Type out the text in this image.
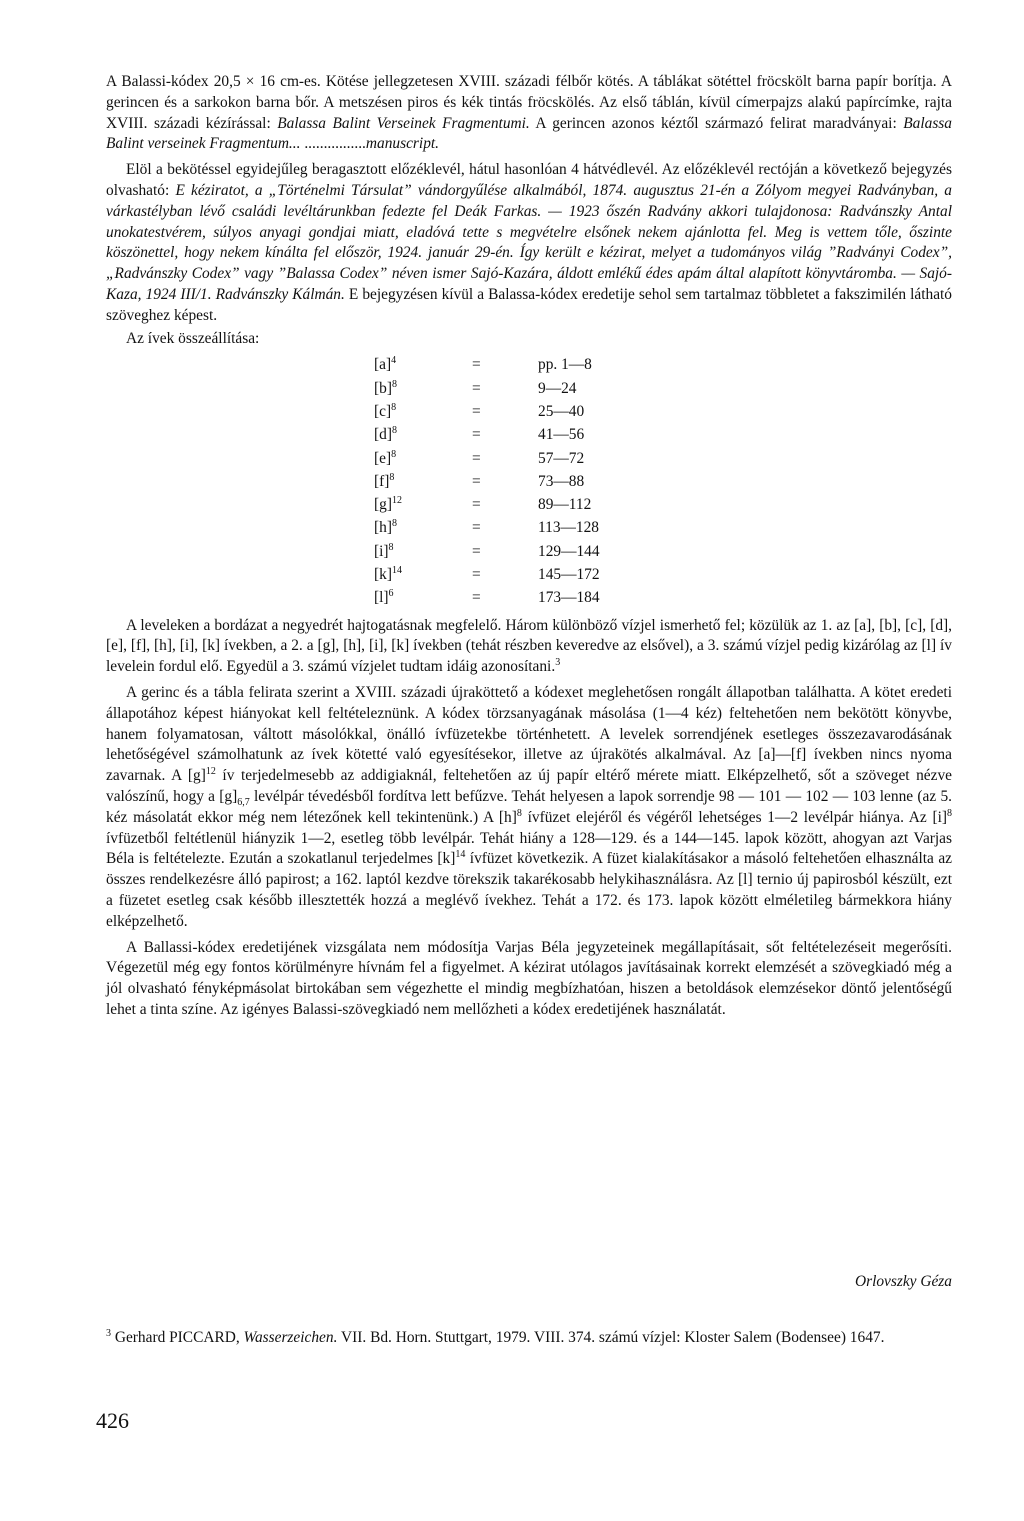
A Balassi-kódex 20,5 × 16 cm-es. Kötése jellegzetesen XVIII. századi félbőr kötés. A táblákat sötéttel fröcskölt barna papír borítja. A gerincen és a sarkokon barna bőr. A metszésen piros és kék tintás fröcskölés. Az első táblán, kívül címerpajzs alakú papírcímke, rajta XVIII. századi kézírással: Balassa Balint Verseinek Fragmentumi. A gerincen azonos kéztől származó felirat maradványai: Balassa Balint verseinek Fragmentum... ................manuscript.

Elöl a bekötéssel egyidejűleg beragasztott előzéklevél, hátul hasonlóan 4 hátvédlevél. Az előzéklevél rectóján a következő bejegyzés olvasható: E kéziratot, a „Történelmi Társulat” vándorgyűlése alkalmából, 1874. augusztus 21-én a Zólyom megyei Radványban, a várkastélyban lévő családi levéltárunkban fedezte fel Deák Farkas. — 1923 őszén Radvány akkori tulajdonosa: Radvánszky Antal unokatestvérem, súlyos anyagi gondjai miatt, eladóvá tette s megvételre elsőnek nekem ajánlotta fel. Meg is vettem tőle, őszinte köszönettel, hogy nekem kínálta fel először, 1924. január 29-én. Így került e kézirat, melyet a tudományos világ ”Radványi Codex”, „Radvánszky Codex” vagy ”Balassa Codex” néven ismer Sajó-Kazára, áldott emlékű édes apám által alapított könyvtáromba. — Sajó-Kaza, 1924 III/1. Radvánszky Kálmán. E bejegyzésen kívül a Balassa-kódex eredetije sehol sem tartalmaz többletet a fakszimilén látható szöveghez képest.

Az ívek összeállítása:

$[a]^4$	=	pp. 1—8
$[b]^8$	=	9—24
$[c]^8$	=	25—40
$[d]^8$	=	41—56
$[e]^8$	=	57—72
$[f]^8$	=	73—88
$[g]^{12}$	=	89—112
$[h]^8$	=	113—128
$[i]^8$	=	129—144
$[k]^{14}$	=	145—172
$[l]^6$	=	173—184

A leveleken a bordázat a negyedrét hajtogatásnak megfelelő. Három különböző vízjel ismerhető fel; közülük az 1. az [a], [b], [c], [d], [e], [f], [h], [i], [k] ívekben, a 2. a [g], [h], [i], [k] ívekben (tehát részben keveredve az elsővel), a 3. számú vízjel pedig kizárólag az [l] ív levelein fordul elő. Egyedül a 3. számú vízjelet tudtam idáig azonosítani.$^3$

A gerinc és a tábla felirata szerint a XVIII. századi újraköttető a kódexet meglehetősen rongált állapotban találhatta. A kötet eredeti állapotához képest hiányokat kell feltételeznünk. A kódex törzsanyagának másolása (1—4 kéz) feltehetően nem bekötött könyvbe, hanem folyamatosan, váltott másolókkal, önálló ívfüzetekbe történhetett. A levelek sorrendjének esetleges összezavarodásának lehetőségével számolhatunk az ívek kötetté való egyesítésekor, illetve az újrakötés alkalmával. Az [a]—[f] ívekben nincs nyoma zavarnak. A $[g]^{12}$ ív terjedelmesebb az addigiaknál, feltehetően az új papír eltérő mérete miatt. Elképzelhető, sőt a szöveget nézve valószínű, hogy a $[g]_{6,7}$ levélpár tévedésből fordítva lett befűzve. Tehát helyesen a lapok sorrendje 98 — 101 — 102 — 103 lenne (az 5. kéz másolatát ekkor még nem létezőnek kell tekintenünk.) A $[h]^8$ ívfüzet elejéről és végéről lehetséges 1—2 levélpár hiánya. Az $[i]^8$ ívfüzetből feltétlenül hiányzik 1—2, esetleg több levélpár. Tehát hiány a 128—129. és a 144—145. lapok között, ahogyan azt Varjas Béla is feltételezte. Ezután a szokatlanul terjedelmes $[k]^{14}$ ívfüzet következik. A füzet kialakításakor a másoló feltehetően elhasználta az összes rendelkezésre álló papirost; a 162. laptól kezdve törekszik takarékosabb helykihasználásra. Az [l] ternio új papirosból készült, ezt a füzetet esetleg csak később illesztették hozzá a meglévő ívekhez. Tehát a 172. és 173. lapok között elméletileg bármekkora hiány elképzelhető.

A Ballassi-kódex eredetijének vizsgálata nem módosítja Varjas Béla jegyzeteinek megállapításait, sőt feltételezéseit megerősíti. Végezetül még egy fontos körülményre hívnám fel a figyelmet. A kézirat utólagos javításainak korrekt elemzését a szövegkiadó még a jól olvasható fényképmásolat birtokában sem végezhette el mindig megbízhatóan, hiszen a betoldások elemzésekor döntő jelentőségű lehet a tinta színe. Az igényes Balassi-szövegkiadó nem mellőzheti a kódex eredetijének használatát.

Orlovszky Géza
$^3$ Gerhard PICCARD, Wasserzeichen. VII. Bd. Horn. Stuttgart, 1979. VIII. 374. számú vízjel: Kloster Salem (Bodensee) 1647.
426
